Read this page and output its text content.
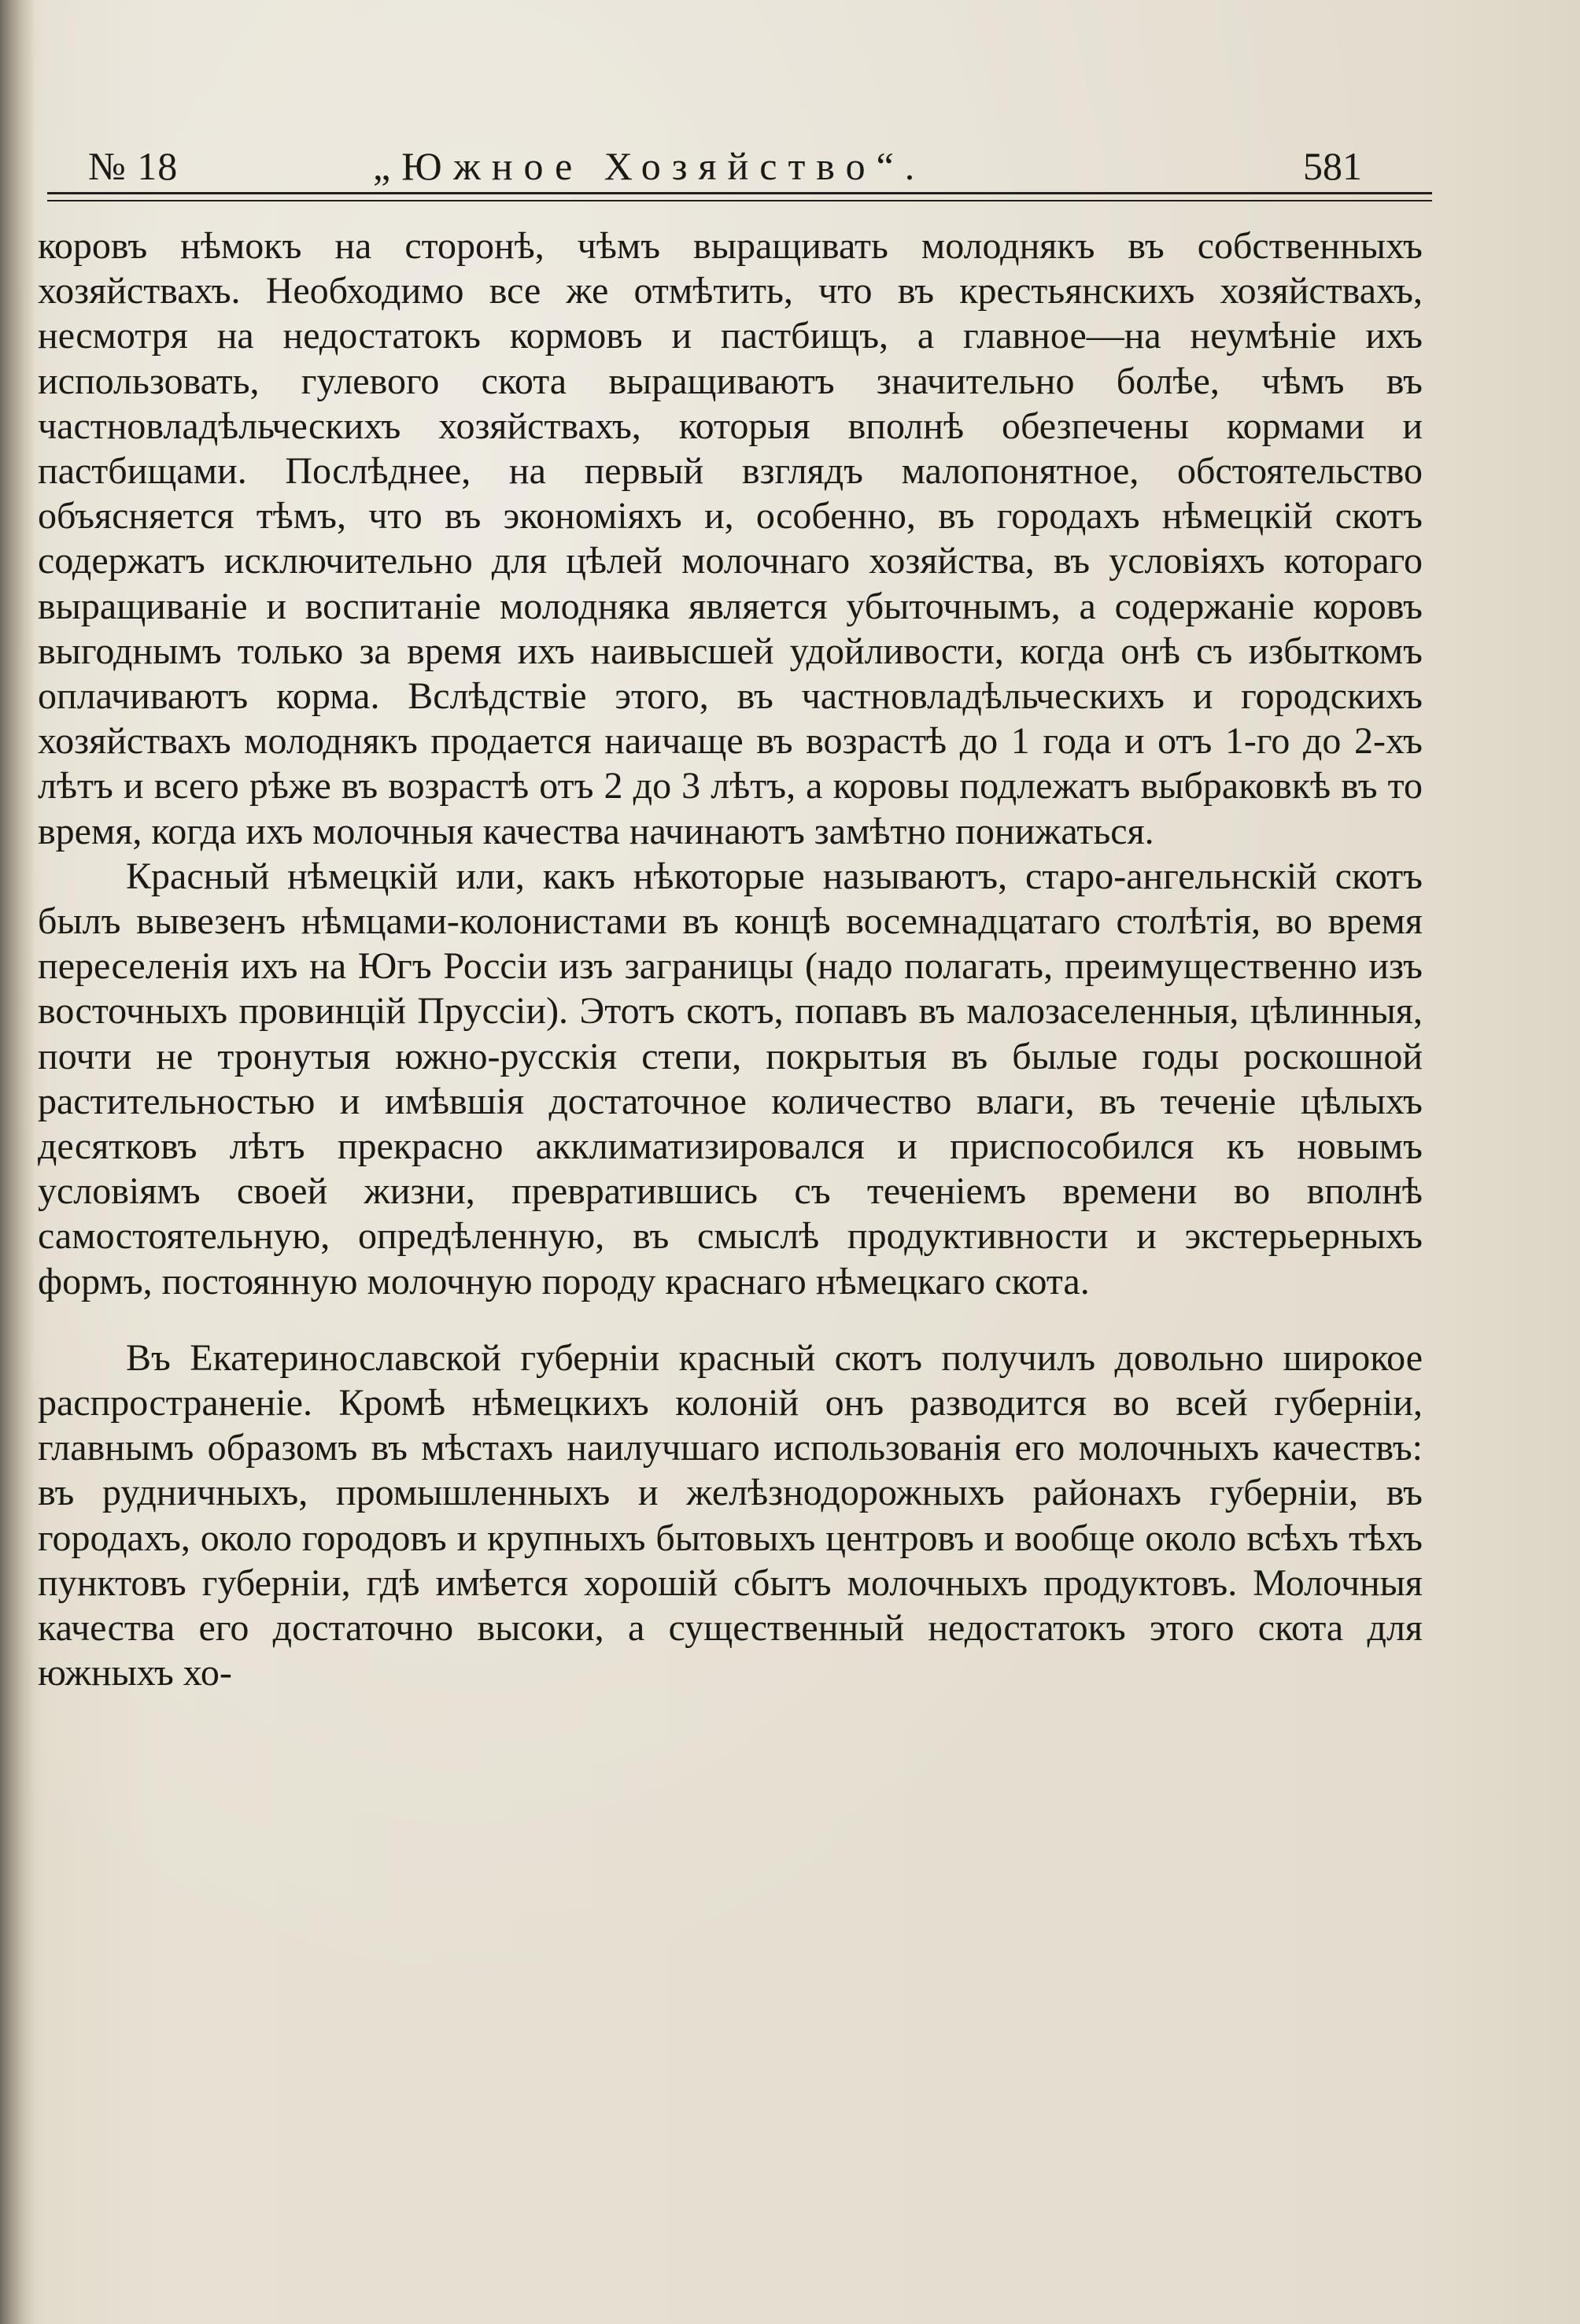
№ 18	„Южное Хозяйство“.	581

коровъ нѣмокъ на сторонѣ, чѣмъ выращивать молоднякъ въ собственныхъ хозяйствахъ. Необходимо все же отмѣтить, что въ крестьянскихъ хозяйствахъ, несмотря на недостатокъ кормовъ и пастбищъ, а главное—на неумѣніе ихъ использовать, гулевого скота выращиваютъ значительно болѣе, чѣмъ въ частновладѣльческихъ хозяйствахъ, которыя вполнѣ обезпечены кормами и пастбищами. Послѣднее, на первый взглядъ малопонятное, обстоятельство объясняется тѣмъ, что въ экономіяхъ и, особенно, въ городахъ нѣмецкій скотъ содержатъ исключительно для цѣлей молочнаго хозяйства, въ условіяхъ котораго выращиваніе и воспитаніе молодняка является убыточнымъ, а содержаніе коровъ выгоднымъ только за время ихъ наивысшей удойливости, когда онѣ съ избыткомъ оплачиваютъ корма. Вслѣдствіе этого, въ частновладѣльческихъ и городскихъ хозяйствахъ молоднякъ продается наичаще въ возрастѣ до 1 года и отъ 1-го до 2-хъ лѣтъ и всего рѣже въ возрастѣ отъ 2 до 3 лѣтъ, а коровы подлежатъ выбраковкѣ въ то время, когда ихъ молочныя качества начинаютъ замѣтно понижаться.

Красный нѣмецкій или, какъ нѣкоторые называютъ, старо-ангельнскій скотъ былъ вывезенъ нѣмцами-колонистами въ концѣ восемнадцатаго столѣтія, во время переселенія ихъ на Югъ Россіи изъ заграницы (надо полагать, преимущественно изъ восточныхъ провинцій Пруссіи). Этотъ скотъ, попавъ въ малозаселенныя, цѣлинныя, почти не тронутыя южно-русскія степи, покрытыя въ былые годы роскошной растительностью и имѣвшія достаточное количество влаги, въ теченіе цѣлыхъ десятковъ лѣтъ прекрасно акклиматизировался и приспособился къ новымъ условіямъ своей жизни, превратившись съ теченіемъ времени во вполнѣ самостоятельную, опредѣленную, въ смыслѣ продуктивности и экстерьерныхъ формъ, постоянную молочную породу краснаго нѣмецкаго скота.

Въ Екатеринославской губерніи красный скотъ получилъ довольно широкое распространеніе. Кромѣ нѣмецкихъ колоній онъ разводится во всей губерніи, главнымъ образомъ въ мѣстахъ наилучшаго использованія его молочныхъ качествъ: въ рудничныхъ, промышленныхъ и желѣзнодорожныхъ районахъ губерніи, въ городахъ, около городовъ и крупныхъ бытовыхъ центровъ и вообще около всѣхъ тѣхъ пунктовъ губерніи, гдѣ имѣется хорошій сбытъ молочныхъ продуктовъ. Молочныя качества его достаточно высоки, а существенный недостатокъ этого скота для южныхъ хо-
